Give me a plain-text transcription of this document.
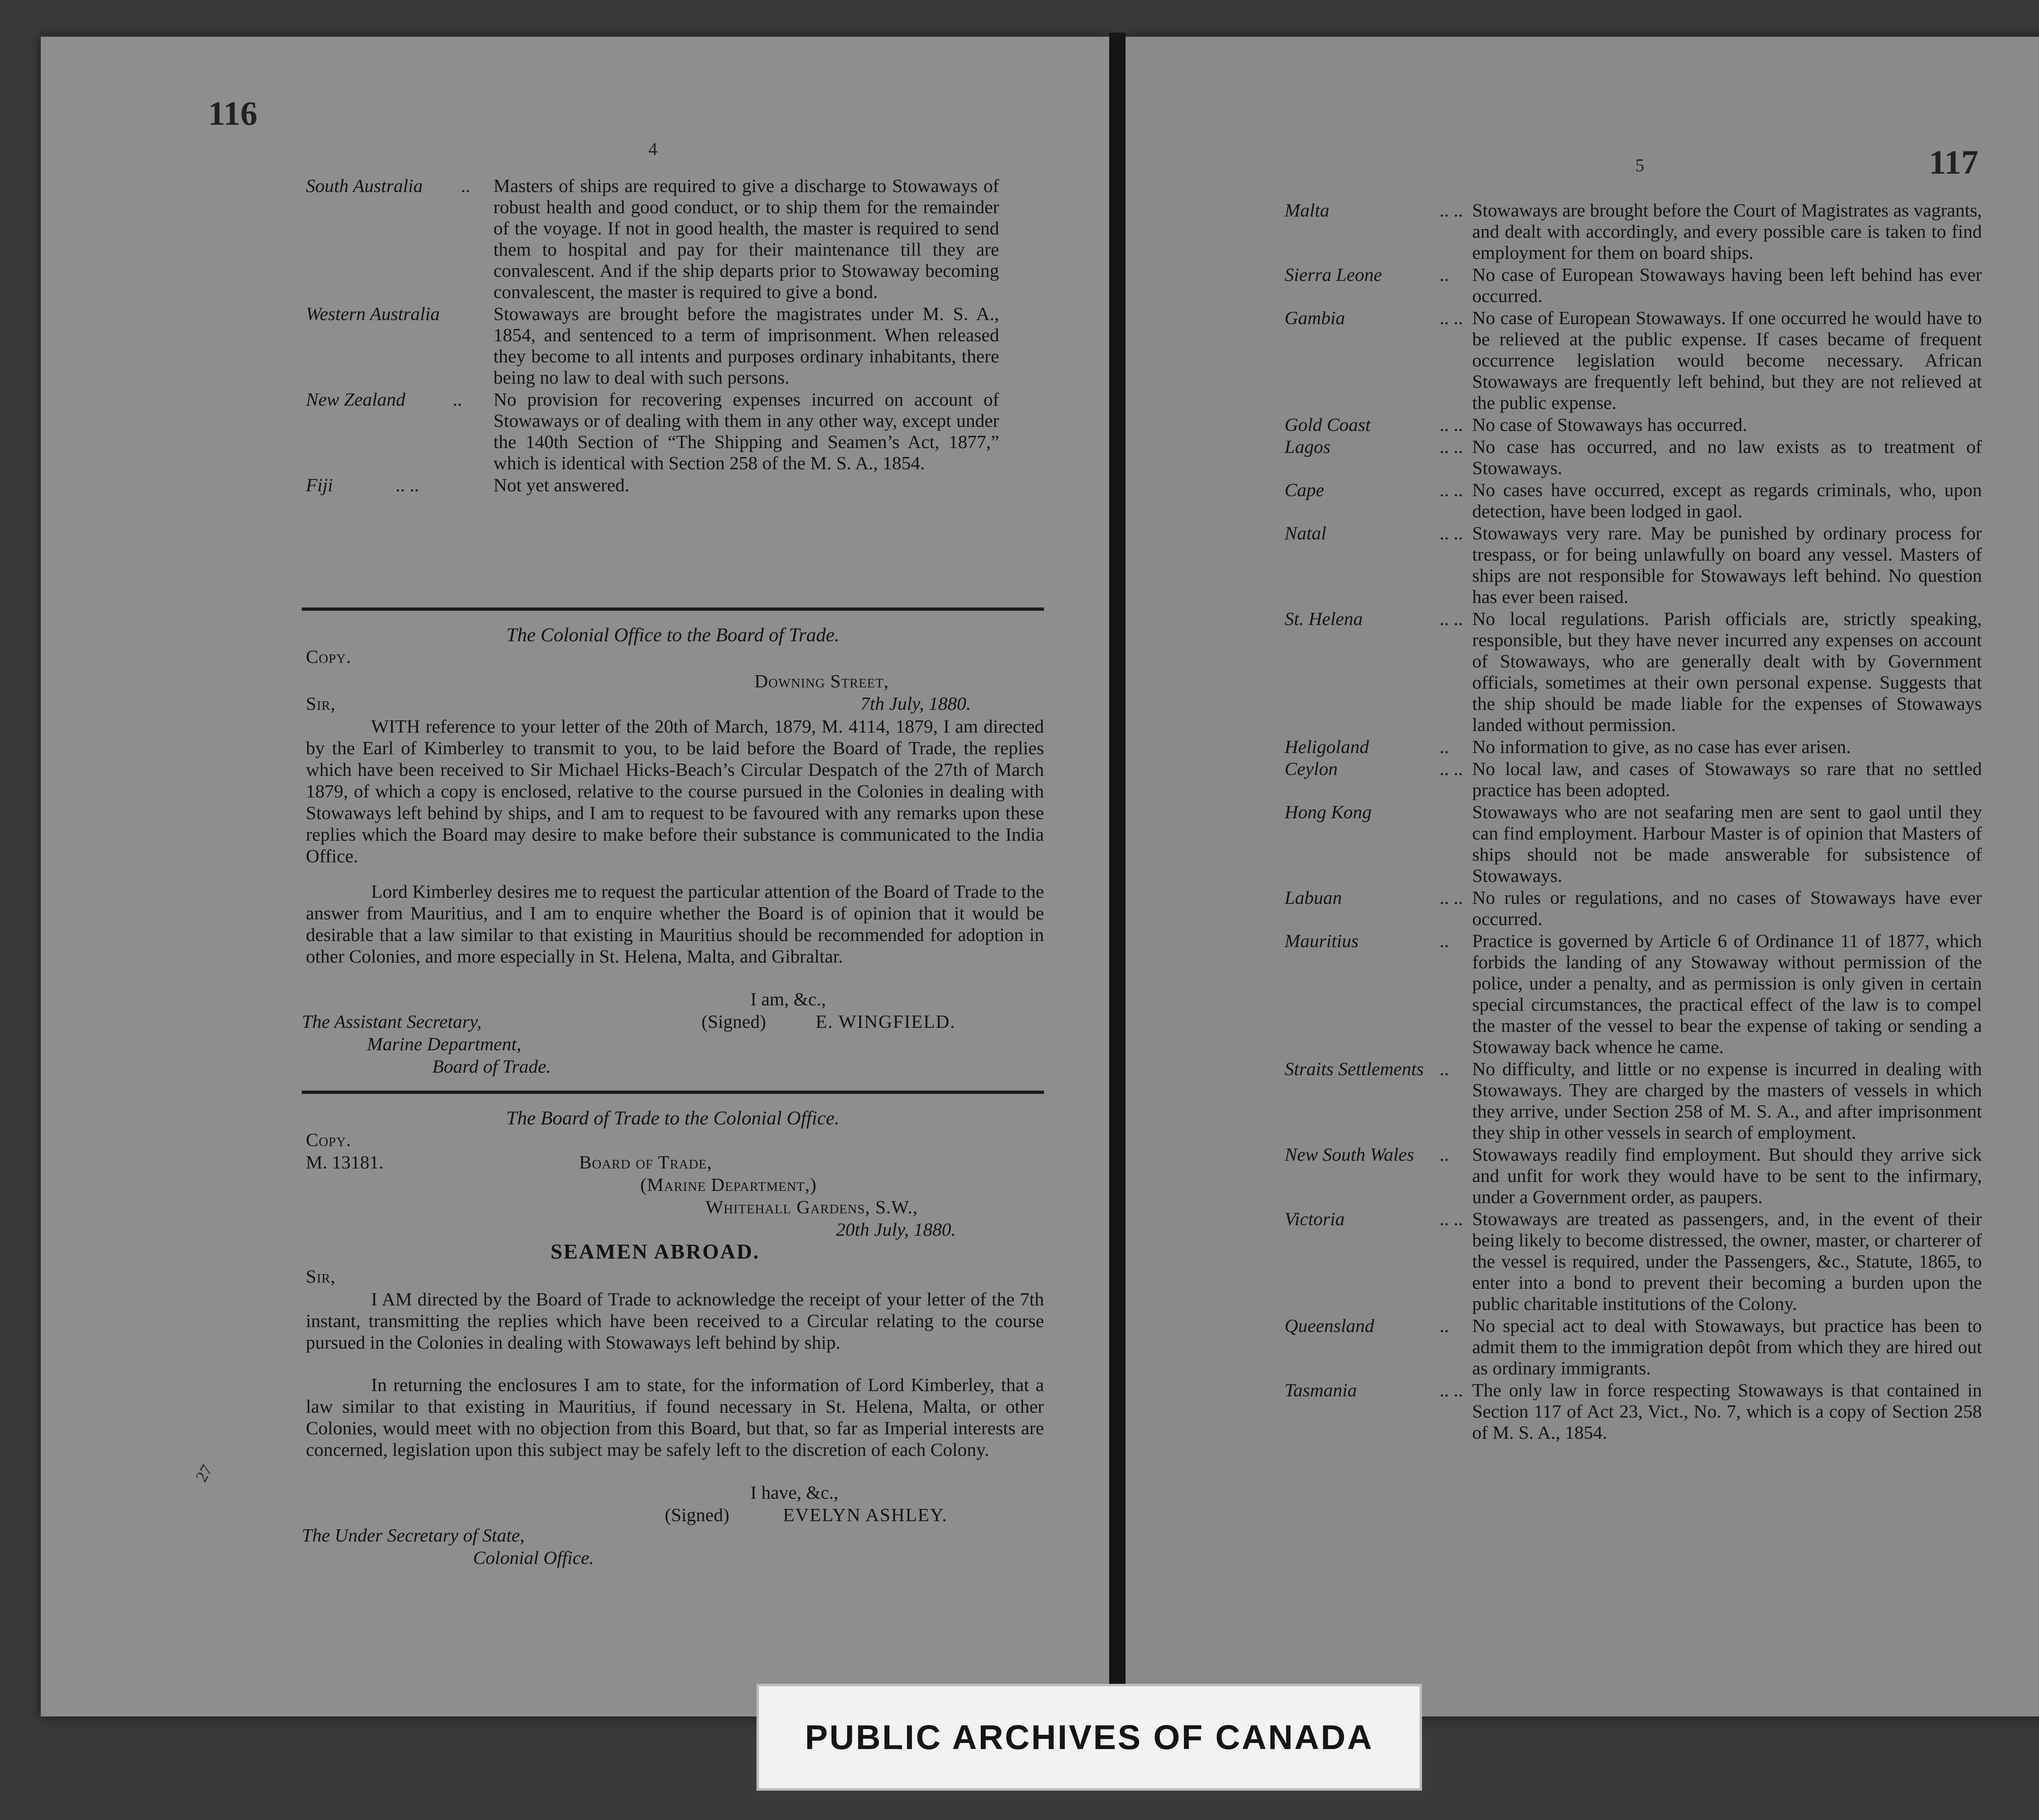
116
4
South Australia	..	Masters of ships are required to give a discharge to Stowaways of robust health and good conduct, or to ship them for the remainder of the voyage. If not in good health, the master is required to send them to hospital and pay for their maintenance till they are convalescent. And if the ship departs prior to Stowaway becoming convalescent, the master is required to give a bond.
Western Australia	Stowaways are brought before the magistrates under M. S. A., 1854, and sentenced to a term of imprisonment. When released they become to all intents and purposes ordinary inhabitants, there being no law to deal with such persons.
New Zealand	..	No provision for recovering expenses incurred on account of Stowaways or of dealing with them in any other way, except under the 140th Section of “The Shipping and Seamen’s Act, 1877,” which is identical with Section 258 of the M. S. A., 1854.
Fiji	.. ..	Not yet answered.
The Colonial Office to the Board of Trade.
Copy.
Downing Street,
Sir,	7th July, 1880.
WITH reference to your letter of the 20th of March, 1879, M. 4114, 1879, I am directed by the Earl of Kimberley to transmit to you, to be laid before the Board of Trade, the replies which have been received to Sir Michael Hicks-Beach’s Circular Despatch of the 27th of March 1879, of which a copy is enclosed, relative to the course pursued in the Colonies in dealing with Stowaways left behind by ships, and I am to request to be favoured with any remarks upon these replies which the Board may desire to make before their substance is communicated to the India Office.
Lord Kimberley desires me to request the particular attention of the Board of Trade to the answer from Mauritius, and I am to enquire whether the Board is of opinion that it would be desirable that a law similar to that existing in Mauritius should be recommended for adoption in other Colonies, and more especially in St. Helena, Malta, and Gibraltar.
I am, &c.,
(Signed)	E. WINGFIELD.
The Assistant Secretary,
Marine Department,
Board of Trade.
The Board of Trade to the Colonial Office.
Copy.
M. 13181.	Board of Trade,
(Marine Department,)
Whitehall Gardens, S.W.,
20th July, 1880.
SEAMEN ABROAD.
Sir,
I AM directed by the Board of Trade to acknowledge the receipt of your letter of the 7th instant, transmitting the replies which have been received to a Circular relating to the course pursued in the Colonies in dealing with Stowaways left behind by ship.
In returning the enclosures I am to state, for the information of Lord Kimberley, that a law similar to that existing in Mauritius, if found necessary in St. Helena, Malta, or other Colonies, would meet with no objection from this Board, but that, so far as Imperial interests are concerned, legislation upon this subject may be safely left to the discretion of each Colony.
I have, &c.,
(Signed)	EVELYN ASHLEY.
The Under Secretary of State,
Colonial Office.
27
5	117
Malta	.. .. Stowaways are brought before the Court of Magistrates as vagrants, and dealt with accordingly, and every possible care is taken to find employment for them on board ships.
Sierra Leone	..	No case of European Stowaways having been left behind has ever occurred.
Gambia	.. .. No case of European Stowaways. If one occurred he would have to be relieved at the public expense. If cases became of frequent occurrence legislation would become necessary. African Stowaways are frequently left behind, but they are not relieved at the public expense.
Gold Coast	.. .. No case of Stowaways has occurred.
Lagos	.. .. No case has occurred, and no law exists as to treatment of Stowaways.
Cape	.. .. No cases have occurred, except as regards criminals, who, upon detection, have been lodged in gaol.
Natal	.. .. Stowaways very rare. May be punished by ordinary process for trespass, or for being unlawfully on board any vessel. Masters of ships are not responsible for Stowaways left behind. No question has ever been raised.
St. Helena	.. .. No local regulations. Parish officials are, strictly speaking, responsible, but they have never incurred any expenses on account of Stowaways, who are generally dealt with by Government officials, sometimes at their own personal expense. Suggests that the ship should be made liable for the expenses of Stowaways landed without permission.
Heligoland	..	No information to give, as no case has ever arisen.
Ceylon	.. .. No local law, and cases of Stowaways so rare that no settled practice has been adopted.
Hong Kong	Stowaways who are not seafaring men are sent to gaol until they can find employment. Harbour Master is of opinion that Masters of ships should not be made answerable for subsistence of Stowaways.
Labuan	.. .. No rules or regulations, and no cases of Stowaways have ever occurred.
Mauritius	..	Practice is governed by Article 6 of Ordinance 11 of 1877, which forbids the landing of any Stowaway without permission of the police, under a penalty, and as permission is only given in certain special circumstances, the practical effect of the law is to compel the master of the vessel to bear the expense of taking or sending a Stowaway back whence he came.
Straits Settlements ..	No difficulty, and little or no expense is incurred in dealing with Stowaways. They are charged by the masters of vessels in which they arrive, under Section 258 of M. S. A., and after imprisonment they ship in other vessels in search of employment.
New South Wales	..	Stowaways readily find employment. But should they arrive sick and unfit for work they would have to be sent to the infirmary, under a Government order, as paupers.
Victoria	.. .. Stowaways are treated as passengers, and, in the event of their being likely to become distressed, the owner, master, or charterer of the vessel is required, under the Passengers, &c., Statute, 1865, to enter into a bond to prevent their becoming a burden upon the public charitable institutions of the Colony.
Queensland	..	No special act to deal with Stowaways, but practice has been to admit them to the immigration depôt from which they are hired out as ordinary immigrants.
Tasmania	.. .. The only law in force respecting Stowaways is that contained in Section 117 of Act 23, Vict., No. 7, which is a copy of Section 258 of M. S. A., 1854.
PUBLIC ARCHIVES OF CANADA
